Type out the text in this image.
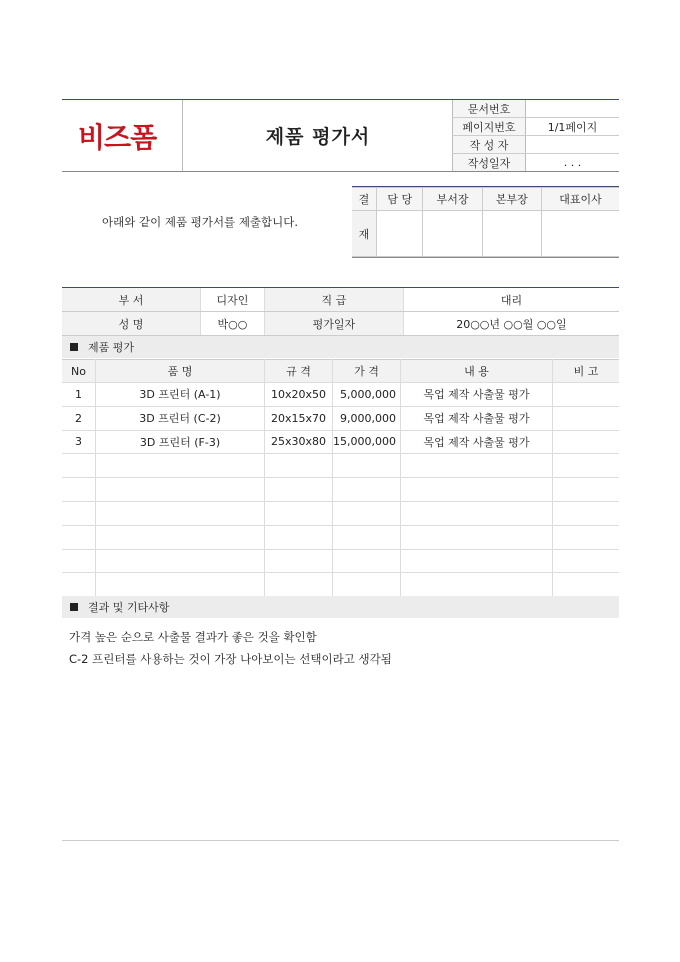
비즈폼	제품 평가서
문서번호	
페이지번호	1/1페이지
작 성 자	
작성일자	. . .
아래와 같이 제품 평가서를 제출합니다.
결	담 당	부서장	본부장	대표이사
재				
부 서	디자인	직 급	대리
성 명	박○○	평가일자	20○○년 ○○월 ○○일
제품 평가
No	품 명	규 격	가 격	내 용	비 고
1	3D 프린터 (A-1)	10x20x50	5,000,000	목업 제작 사출물 평가	
2	3D 프린터 (C-2)	20x15x70	9,000,000	목업 제작 사출물 평가	
3	3D 프린터 (F-3)	25x30x80	15,000,000	목업 제작 사출물 평가	

결과 및 기타사항
가격 높은 순으로 사출물 결과가 좋은 것을 확인함
C-2 프린터를 사용하는 것이 가장 나아보이는 선택이라고 생각됨
